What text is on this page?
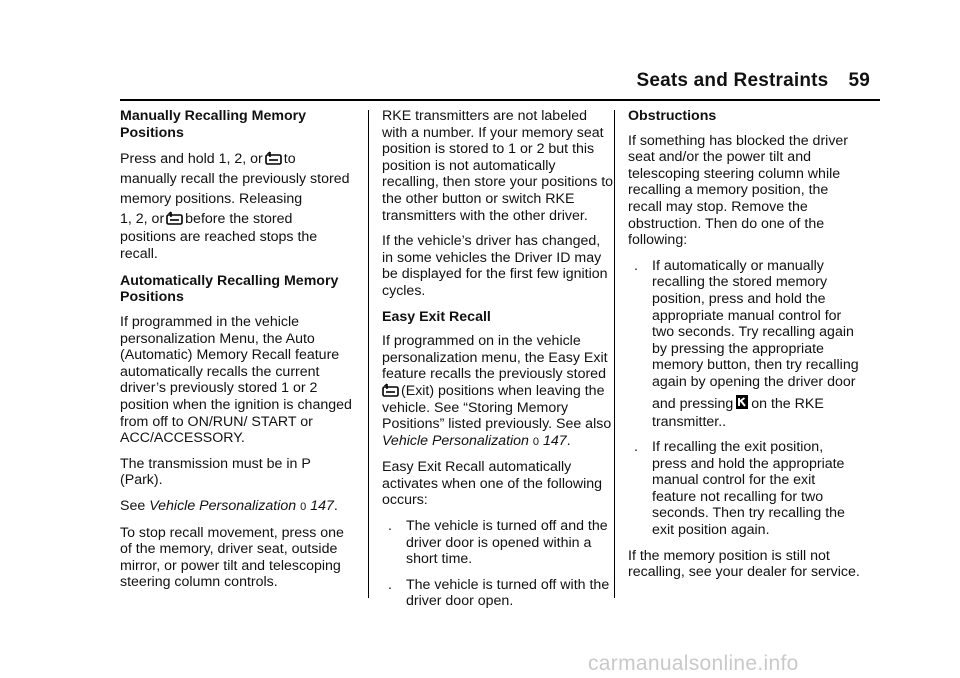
Seats and Restraints 59
Manually Recalling Memory Positions

Press and hold 1, 2, or to
manually recall the previously stored memory positions. Releasing
1, 2, or before the stored
positions are reached stops the recall.

Automatically Recalling Memory Positions

If programmed in the vehicle personalization Menu, the Auto (Automatic) Memory Recall feature automatically recalls the current driver’s previously stored 1 or 2 position when the ignition is changed from off to ON/RUN/ START or ACC/ACCESSORY.

The transmission must be in P (Park).

See Vehicle Personalization 0 147.

To stop recall movement, press one of the memory, driver seat, outside mirror, or power tilt and telescoping steering column controls.

RKE transmitters are not labeled with a number. If your memory seat position is stored to 1 or 2 but this position is not automatically recalling, then store your positions to the other button or switch RKE transmitters with the other driver.

If the vehicle’s driver has changed, in some vehicles the Driver ID may be displayed for the first few ignition cycles.

Easy Exit Recall

If programmed on in the vehicle personalization menu, the Easy Exit feature recalls the previously stored
(Exit) positions when leaving the vehicle. See “Storing Memory Positions” listed previously. See also Vehicle Personalization 0 147.

Easy Exit Recall automatically activates when one of the following occurs:

. The vehicle is turned off and the driver door is opened within a short time.
. The vehicle is turned off with the driver door open.
Obstructions

If something has blocked the driver seat and/or the power tilt and telescoping steering column while recalling a memory position, the recall may stop. Remove the obstruction. Then do one of the following:

. If automatically or manually recalling the stored memory position, press and hold the appropriate manual control for two seconds. Try recalling again by pressing the appropriate memory button, then try recalling again by opening the driver door
and pressing on the RKE
transmitter..
. If recalling the exit position, press and hold the appropriate manual control for the exit feature not recalling for two seconds. Then try recalling the exit position again.

If the memory position is still not recalling, see your dealer for service.

carmanualsonline.info
